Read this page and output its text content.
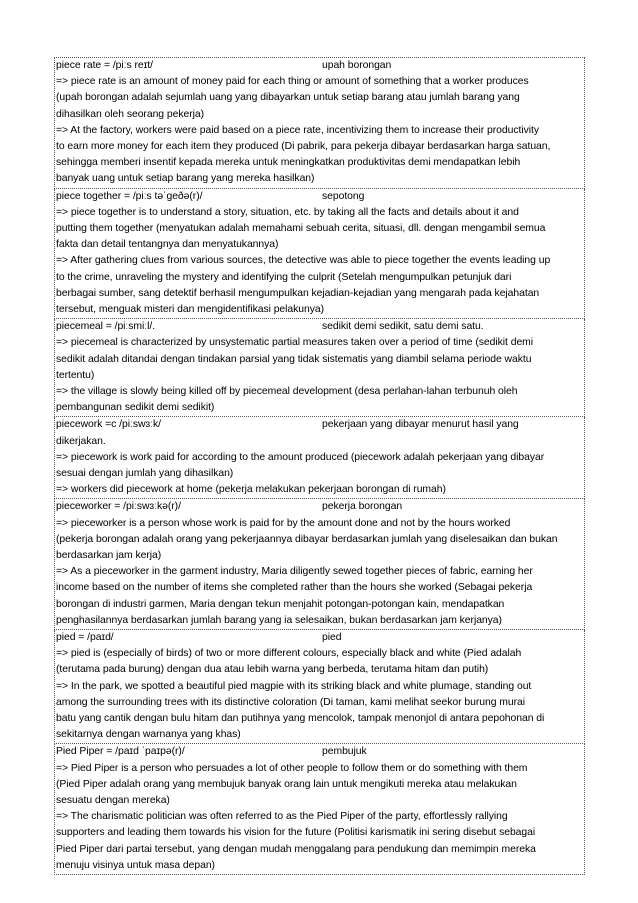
piece rate = /piːs reɪt/	upah borongan
=> piece rate is an amount of money paid for each thing or amount of something that a worker produces
(upah borongan adalah sejumlah uang yang dibayarkan untuk setiap barang atau jumlah barang yang
dihasilkan oleh seorang pekerja)
=> At the factory, workers were paid based on a piece rate, incentivizing them to increase their productivity
to earn more money for each item they produced (Di pabrik, para pekerja dibayar berdasarkan harga satuan,
sehingga memberi insentif kepada mereka untuk meningkatkan produktivitas demi mendapatkan lebih
banyak uang untuk setiap barang yang mereka hasilkan)
piece together = /piːs təˈɡeðə(r)/	sepotong
=> piece together is to understand a story, situation, etc. by taking all the facts and details about it and
putting them together (menyatukan adalah memahami sebuah cerita, situasi, dll. dengan mengambil semua
fakta dan detail tentangnya dan menyatukannya)
=> After gathering clues from various sources, the detective was able to piece together the events leading up
to the crime, unraveling the mystery and identifying the culprit (Setelah mengumpulkan petunjuk dari
berbagai sumber, sang detektif berhasil mengumpulkan kejadian-kejadian yang mengarah pada kejahatan
tersebut, menguak misteri dan mengidentifikasi pelakunya)
piecemeal = /piːsmiːl/.	sedikit demi sedikit, satu demi satu.
=> piecemeal is characterized by unsystematic partial measures taken over a period of time (sedikit demi
sedikit adalah ditandai dengan tindakan parsial yang tidak sistematis yang diambil selama periode waktu
tertentu)
=> the village is slowly being killed off by piecemeal development (desa perlahan-lahan terbunuh oleh
pembangunan sedikit demi sedikit)
piecework =c /piːswɜːk/	pekerjaan yang dibayar menurut hasil yang
dikerjakan.
=> piecework is work paid for according to the amount produced (piecework adalah pekerjaan yang dibayar
sesuai dengan jumlah yang dihasilkan)
=> workers did piecework at home (pekerja melakukan pekerjaan borongan di rumah)
pieceworker = /piːswɜːkə(r)/	pekerja borongan
=> pieceworker is a person whose work is paid for by the amount done and not by the hours worked
(pekerja borongan adalah orang yang pekerjaannya dibayar berdasarkan jumlah yang diselesaikan dan bukan
berdasarkan jam kerja)
=> As a pieceworker in the garment industry, Maria diligently sewed together pieces of fabric, earning her
income based on the number of items she completed rather than the hours she worked (Sebagai pekerja
borongan di industri garmen, Maria dengan tekun menjahit potongan-potongan kain, mendapatkan
penghasilannya berdasarkan jumlah barang yang ia selesaikan, bukan berdasarkan jam kerjanya)
pied = /paɪd/	pied
=> pied is (especially of birds) of two or more different colours, especially black and white (Pied adalah
(terutama pada burung) dengan dua atau lebih warna yang berbeda, terutama hitam dan putih)
=> In the park, we spotted a beautiful pied magpie with its striking black and white plumage, standing out
among the surrounding trees with its distinctive coloration (Di taman, kami melihat seekor burung murai
batu yang cantik dengan bulu hitam dan putihnya yang mencolok, tampak menonjol di antara pepohonan di
sekitarnya dengan warnanya yang khas)
Pied Piper = /paɪd ˈpaɪpə(r)/	pembujuk
=> Pied Piper is a person who persuades a lot of other people to follow them or do something with them
(Pied Piper adalah orang yang membujuk banyak orang lain untuk mengikuti mereka atau melakukan
sesuatu dengan mereka)
=> The charismatic politician was often referred to as the Pied Piper of the party, effortlessly rallying
supporters and leading them towards his vision for the future (Politisi karismatik ini sering disebut sebagai
Pied Piper dari partai tersebut, yang dengan mudah menggalang para pendukung dan memimpin mereka
menuju visinya untuk masa depan)
